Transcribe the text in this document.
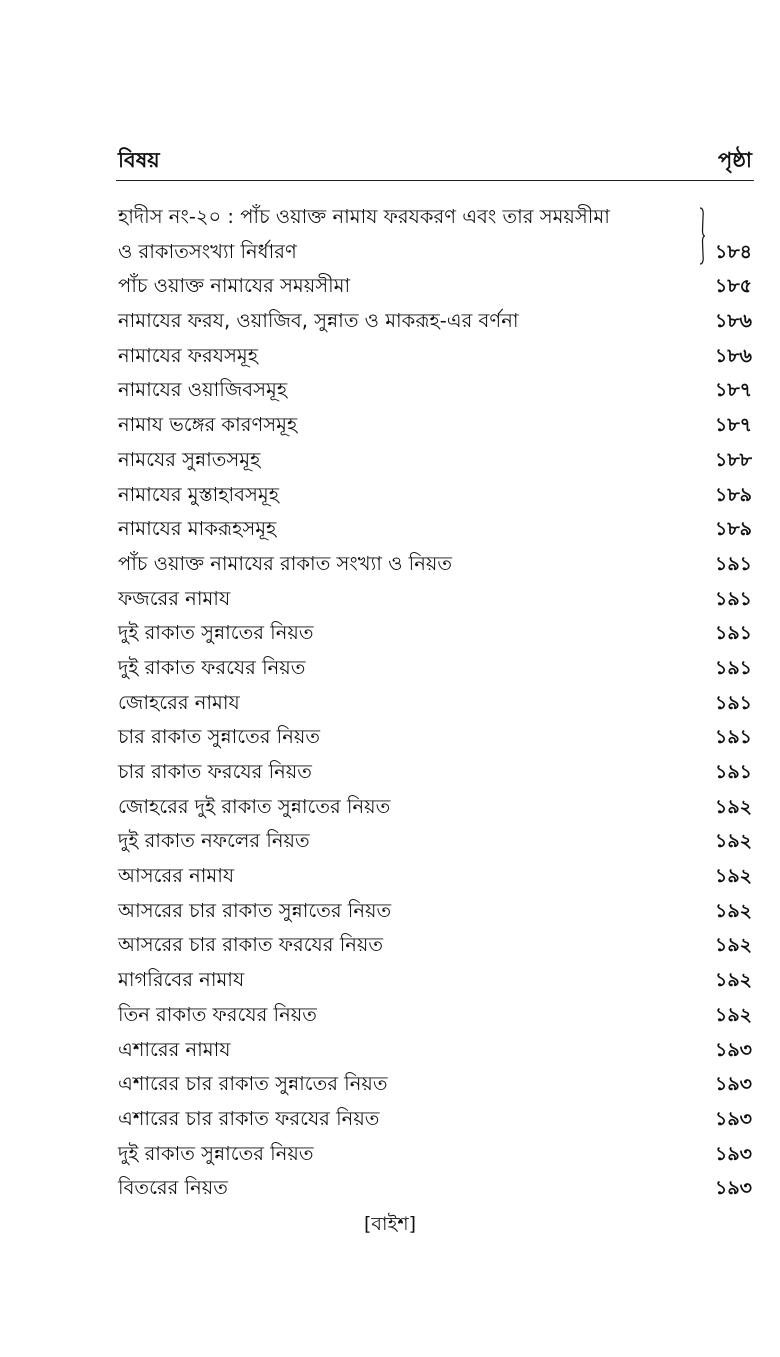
বিষয়	পৃষ্ঠা
হাদীস নং-২০ : পাঁচ ওয়াক্ত নামায ফরযকরণ এবং তার সময়সীমা
ও রাকাতসংখ্যা নির্ধারণ	১৮৪
পাঁচ ওয়াক্ত নামাযের সময়সীমা	১৮৫
নামাযের ফরয, ওয়াজিব, সুন্নাত ও মাকরূহ-এর বর্ণনা	১৮৬
নামাযের ফরযসমূহ	১৮৬
নামাযের ওয়াজিবসমূহ	১৮৭
নামায ভঙ্গের কারণসমূহ	১৮৭
নামযের সুন্নাতসমূহ	১৮৮
নামাযের মুস্তাহাবসমূহ	১৮৯
নামাযের মাকরূহসমূহ	১৮৯
পাঁচ ওয়াক্ত নামাযের রাকাত সংখ্যা ও নিয়ত	১৯১
ফজরের নামায	১৯১
দুই রাকাত সুন্নাতের নিয়ত	১৯১
দুই রাকাত ফরযের নিয়ত	১৯১
জোহরের নামায	১৯১
চার রাকাত সুন্নাতের নিয়ত	১৯১
চার রাকাত ফরযের নিয়ত	১৯১
জোহরের দুই রাকাত সুন্নাতের নিয়ত	১৯২
দুই রাকাত নফলের নিয়ত	১৯২
আসরের নামায	১৯২
আসরের চার রাকাত সুন্নাতের নিয়ত	১৯২
আসরের চার রাকাত ফরযের নিয়ত	১৯২
মাগরিবের নামায	১৯২
তিন রাকাত ফরযের নিয়ত	১৯২
এশারের নামায	১৯৩
এশারের চার রাকাত সুন্নাতের নিয়ত	১৯৩
এশারের চার রাকাত ফরযের নিয়ত	১৯৩
দুই রাকাত সুন্নাতের নিয়ত	১৯৩
বিতরের নিয়ত	১৯৩
[বাইশ]
